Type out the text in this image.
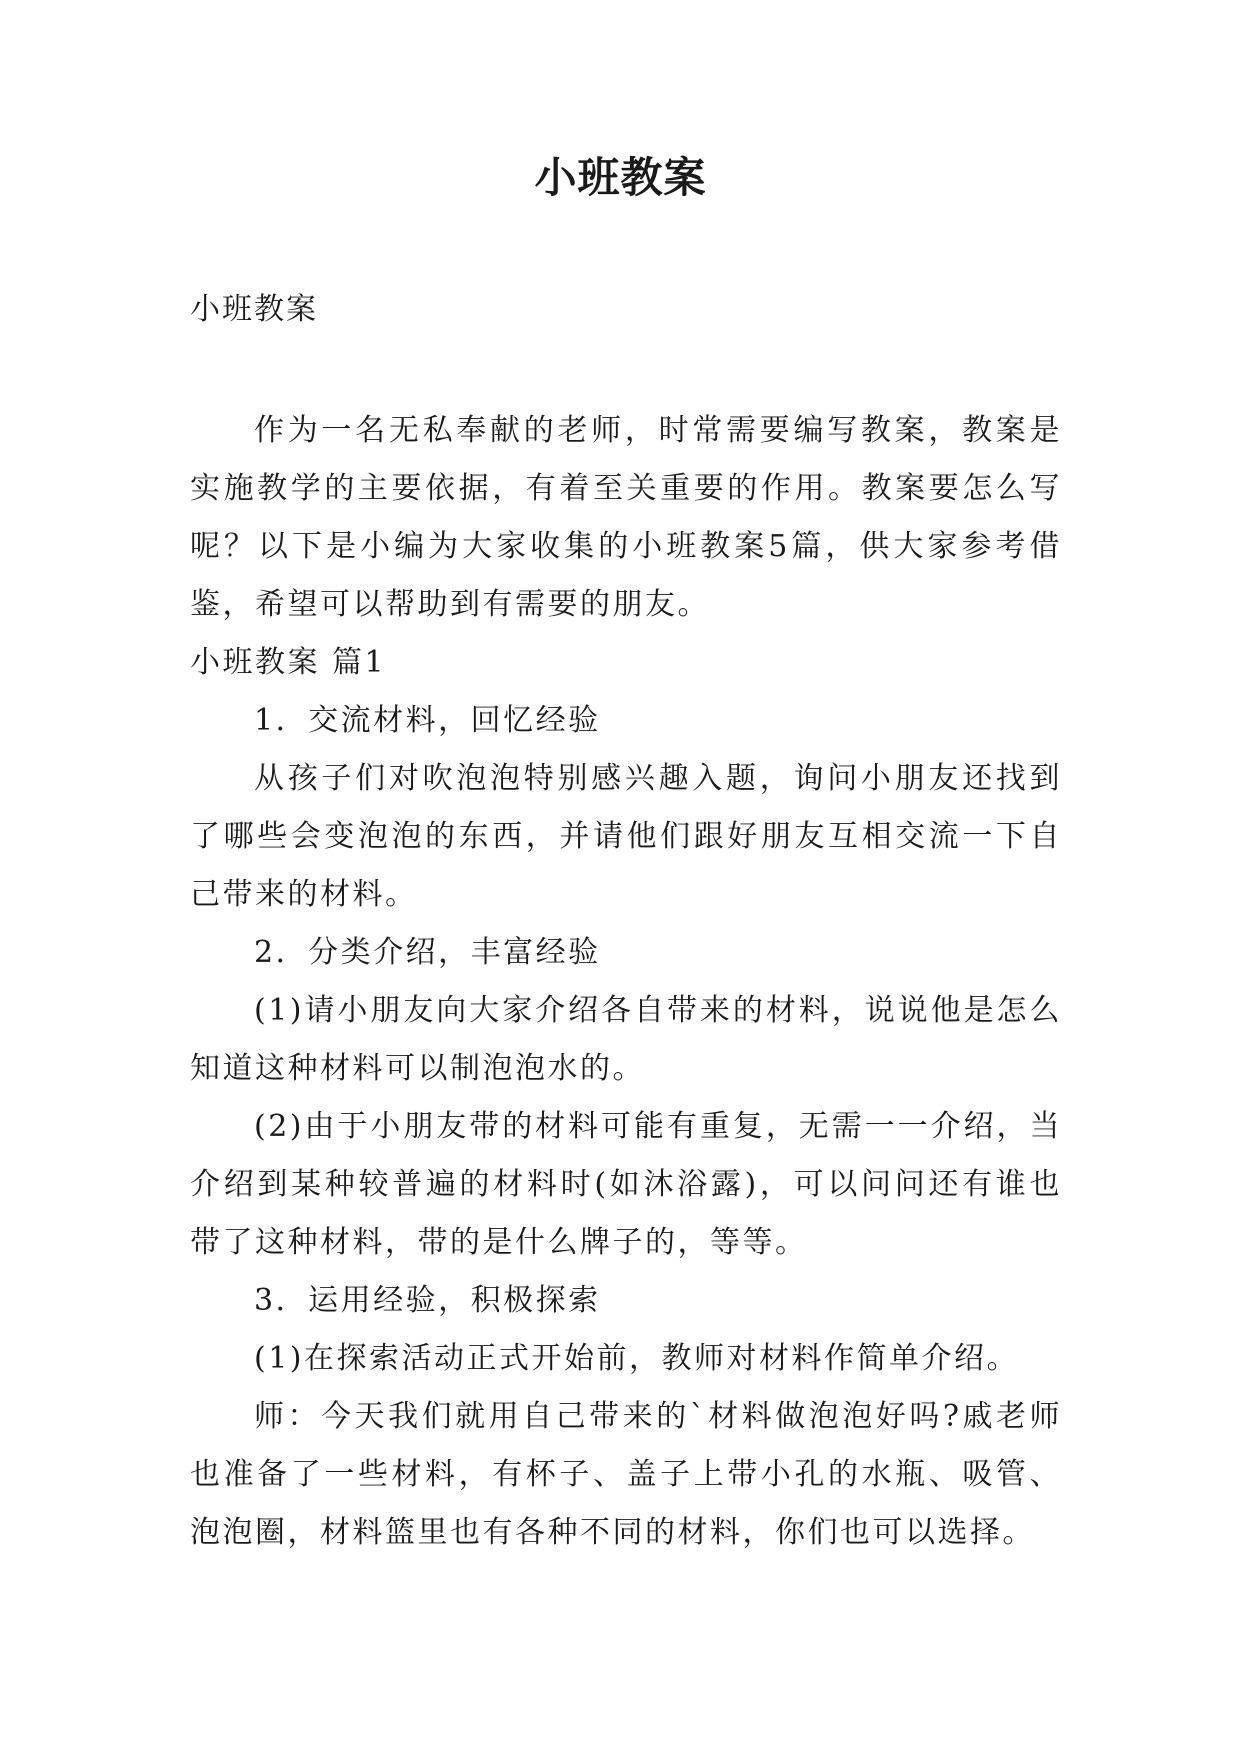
小班教案

小班教案

作为一名无私奉献的老师，时常需要编写教案，教案是实施教学的主要依据，有着至关重要的作用。教案要怎么写呢？以下是小编为大家收集的小班教案5篇，供大家参考借鉴，希望可以帮助到有需要的朋友。

小班教案 篇1

1．交流材料，回忆经验

从孩子们对吹泡泡特别感兴趣入题，询问小朋友还找到了哪些会变泡泡的东西，并请他们跟好朋友互相交流一下自己带来的材料。

2．分类介绍，丰富经验

(1)请小朋友向大家介绍各自带来的材料，说说他是怎么知道这种材料可以制泡泡水的。

(2)由于小朋友带的材料可能有重复，无需一一介绍，当介绍到某种较普遍的材料时(如沐浴露)，可以问问还有谁也带了这种材料，带的是什么牌子的，等等。

3．运用经验，积极探索

(1)在探索活动正式开始前，教师对材料作简单介绍。

师：今天我们就用自己带来的`材料做泡泡好吗?戚老师也准备了一些材料，有杯子、盖子上带小孔的水瓶、吸管、泡泡圈，材料篮里也有各种不同的材料，你们也可以选择。
